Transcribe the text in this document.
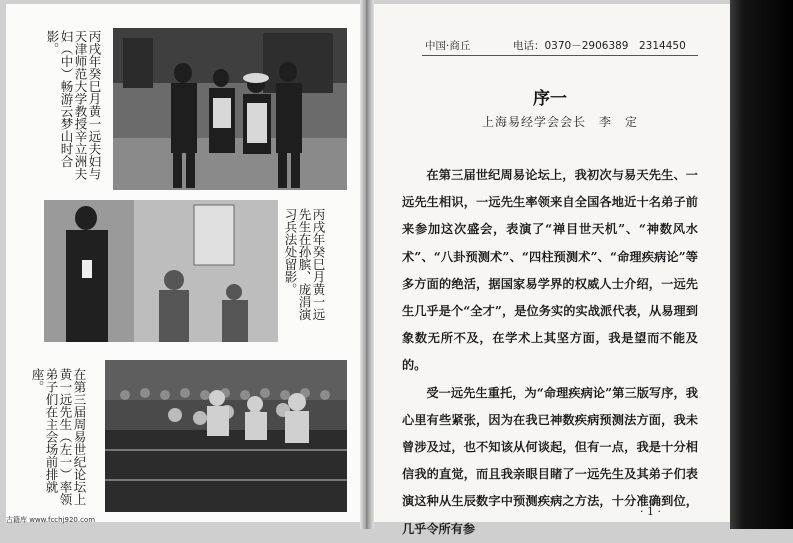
丙戌年癸巳月黄一远夫妇与天津师范大学教授辛立洲夫妇（中）畅游云梦山时合影。
丙戌年癸巳月黄一远先生在孙膑、庞涓演习兵法处留影。
在第三届周易世纪论坛上黄一远先生（左一）率领弟子们在主会场前排就座。
古籍库 www.fcchj920.com
中国·商丘	电话：0370－2906389　2314450
序一
上海易经学会会长　李　定

在第三届世纪周易论坛上，我初次与易天先生、一远先生相识，一远先生率领来自全国各地近十名弟子前来参加这次盛会，表演了“禅目世天机”、“神数风水术”、“八卦预测术”、“四柱预测术”、“命理疾病论”等多方面的绝活，据国家易学界的权威人士介绍，一远先生几乎是个“全才”，是位务实的实战派代表，从易理到象数无所不及，在学术上其坚方面，我是望而不能及的。

受一远先生重托，为“命理疾病论”第三版写序，我心里有些紧张，因为在我已神数疾病预测法方面，我未曾涉及过，也不知该从何谈起，但有一点，我是十分相信我的直觉，而且我亲眼目睹了一远先生及其弟子们表演这种从生辰数字中预测疾病之方法，十分准确到位，几乎令所有参

· 1 ·
